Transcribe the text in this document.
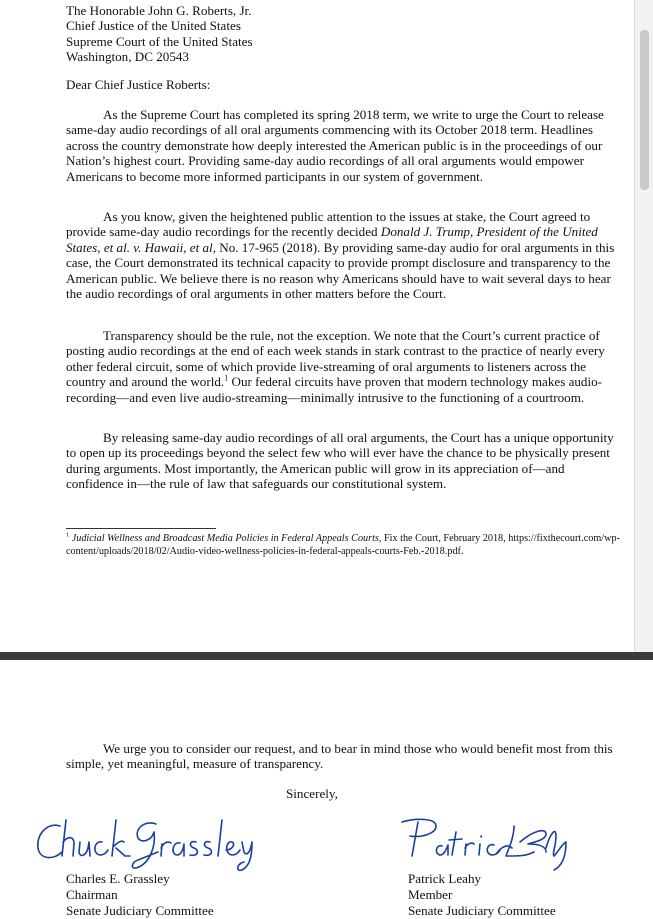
The Honorable John G. Roberts, Jr.
Chief Justice of the United States
Supreme Court of the United States
Washington, DC 20543
Dear Chief Justice Roberts:

As the Supreme Court has completed its spring 2018 term, we write to urge the Court to release same-day audio recordings of all oral arguments commencing with its October 2018 term. Headlines across the country demonstrate how deeply interested the American public is in the proceedings of our Nation’s highest court. Providing same-day audio recordings of all oral arguments would empower Americans to become more informed participants in our system of government.

As you know, given the heightened public attention to the issues at stake, the Court agreed to provide same-day audio recordings for the recently decided Donald J. Trump, President of the United States, et al. v. Hawaii, et al, No. 17-965 (2018). By providing same-day audio for oral arguments in this case, the Court demonstrated its technical capacity to provide prompt disclosure and transparency to the American public. We believe there is no reason why Americans should have to wait several days to hear the audio recordings of oral arguments in other matters before the Court.

Transparency should be the rule, not the exception. We note that the Court’s current practice of posting audio recordings at the end of each week stands in stark contrast to the practice of nearly every other federal circuit, some of which provide live-streaming of oral arguments to listeners across the country and around the world.$^1$ Our federal circuits have proven that modern technology makes audio-recording—and even live audio-streaming—minimally intrusive to the functioning of a courtroom.

By releasing same-day audio recordings of all oral arguments, the Court has a unique opportunity to open up its proceedings beyond the select few who will ever have the chance to be physically present during arguments. Most importantly, the American public will grow in its appreciation of—and confidence in—the rule of law that safeguards our constitutional system.

$^1$ Judicial Wellness and Broadcast Media Policies in Federal Appeals Courts, Fix the Court, February 2018, https://fixthecourt.com/wp-content/uploads/2018/02/Audio-video-wellness-policies-in-federal-appeals-courts-Feb.-2018.pdf.

We urge you to consider our request, and to bear in mind those who would benefit most from this simple, yet meaningful, measure of transparency.

Sincerely,
Charles E. Grassley
Chairman
Senate Judiciary Committee
Patrick Leahy
Member
Senate Judiciary Committee
